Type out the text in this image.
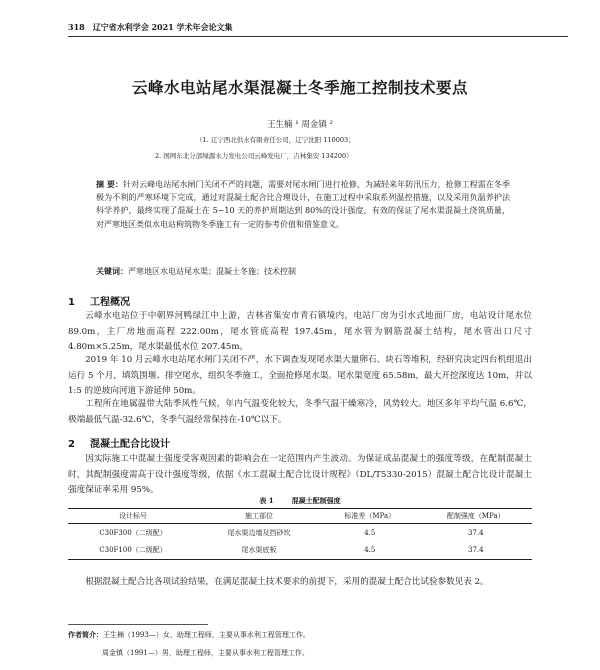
318 辽宁省水利学会 2021 学术年会论文集
云峰水电站尾水渠混凝土冬季施工控制技术要点
王生楠 ¹ 周金镇 ²
（1. 辽宁西北供水有限责任公司，辽宁沈阳 110003；
2. 国网东北分部绿源水力发电公司云峰发电厂，吉林集安 134200）
摘 要：针对云峰电站尾水闸门关闭不严的问题，需要对尾水闸门进行抢修，为减轻来年防汛压力，抢修工程需在冬季极为不利的严寒环境下完成，通过对混凝土配合比合理设计，在施工过程中采取系列温控措施，以及采用负温养护法科学养护，最终实现了混凝土在 5~10 天的养护周期达到 80%的设计强度，有效的保证了尾水渠混凝土浇筑质量，对严寒地区类似水电站枸筑物冬季施工有一定的参考价值和借鉴意义。
关键词：严寒地区水电站尾水渠；混凝土冬施；技术控制
1 工程概况
云峰水电站位于中朝界河鸭绿江中上游，吉林省集安市青石镇境内，电站厂房为引水式地面厂房，电站设计尾水位 89.0m，主厂房地面高程 222.00m，尾水管底高程 197.45m，尾水管为钢筋混凝土结构，尾水管出口尺寸 4.80m×5.25m，尾水渠最低水位 207.45m。
2019 年 10 月云峰水电站尾水闸门关闭不严，水下调查发现尾水渠大量卵石、块石等堆积，经研究决定四台机组退出运行 5 个月，填筑围堰、排空尾水，组织冬季施工，全面抢修尾水渠。尾水渠宽度 65.58m，最大开挖深度达 10m，并以 1:5 的逆坡向河道下游延伸 50m。
工程所在地属温带大陆季风性气候，年内气温变化较大，冬季气温干燥寒冷，风势较大。地区多年平均气温 6.6℃，极端最低气温-32.6℃，冬季气温经常保持在-10℃以下。
2 混凝土配合比设计
因实际施工中混凝土强度受客观因素的影响会在一定范围内产生波动。为保证成品混凝土的强度等级，在配制混凝土时，其配制强度需高于设计强度等级，依据《水工混凝土配合比设计规程》（DL/T5330-2015）混凝土配合比设计混凝土强度保证率采用 95%。
表 1	混凝土配制强度
设计标号	施工部位	标准差（MPa）	配制强度（MPa）
C30F300（二级配）	尾水渠边墙及挡砂坎	4.5	37.4
C30F100（二级配）	尾水渠底板	4.5	37.4
根据混凝土配合比各项试验结果，在满足混凝土技术要求的前提下，采用的混凝土配合比试验参数见表 2。
作者简介：王生楠（1993—）女，助理工程师，主要从事水利工程管理工作。
周金镇（1991—）男，助理工程师，主要从事水利工程管理工作。
